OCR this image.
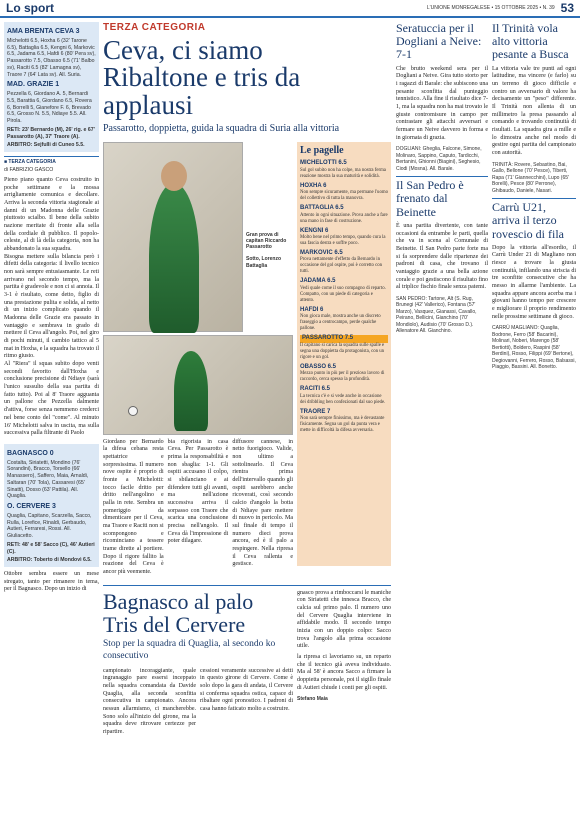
Lo sport	L'UNIONE MONREGALESE • 15 OTTOBRE 2025 • N. 39 53
AMA BRENTA CEVA 3
Michelotti 6.5, Hoxha 6 (32' Tarone 6.5), Battaglia 6.5, Kengni 6, Markovic 6.5, Jadama 6.5, Hafdi 6 (80' Pera sv), Passarotto 7.5, Obasso 6.5 (71' Balbo sv), Raciti 6.5 (82' Lamagna sv), Traore 7 (64' Lata sv). All. Suria.
MAD. GRAZIE 1
Pezzella 6, Giordano A. 5, Bernardi 5.5, Barattia 6, Giordano 6.5, Rovera 6, Borrelli 5, Gianefore F. 6, Brevado 6.5, Grosso N. 5.5, Ndiaye 5.5. All. Pirola.
RETI: 23' Bernardo (M), 26' rig. e 67' Passarotto (A), 37' Traore (A).
ARBITRO: Sejfulli di Cuneo 5.5.
■ TERZA CATEGORIA
di FABRIZIO GASCO

Pieno piano quanto Ceva costruito in poche settimane e la mossa arrigliamente comunica e decollare. Arriva la seconda vittoria stagionale ai danni di un Madonna delle Grazie piuttosto scialbo. Il bene della subito nazione meritate di fronte alla sella della cordiale di pubblico. Il popolo-celeste, al di là della categoria, non ha abbandonato la sua squadra.

Bisogna mettere sulla bilancia però i difetti della categoria: il livello tecnico non sarà sempre entusiasmante. Le reti arrivano nel secondo tempo, ma la partita è gradevole e non ci si annoia. Il 3-1 è risultato, come detto, figlio di una prestazione pulita e solida, al netto di un inizio complicato quando il Madonna delle Grazie era passato in vantaggio e sembrava in grado di mettere il Ceva all'angolo. Poi, nel giro di pochi minuti, il cambio tattico al 5 mat in Hoxha, e la squadra ha trovato il ritmo giusto.

Al "Riera" il squas subito dopo venti secondi favorito dall'Hoxha e conclusione precisione di Ndiaye (sarà l'unico sussulto della sua partita di fatto tutto). Poi al 8' Traore agguanta un pallone che Pezzella dalmente d'attiva, forse senza nemmeno crederci nel bene conto del "come". Al minuto 16' Michelotti salva in uscita, ma sulla successiva palla filtrante di Paolo

BAGNASCO 0
Costalta, Siriatetti, Mondino (76' Sorandini), Bracco, Torsello (66' Manassero), Saffero, Maia, Arnaldi, Saltaran (70' Tola), Cassaresi (65' Sinatti), Dosso (63' Pattila). All. Quaglia.
O. CERVERE 3
Quaglia, Capitano, Scarzella, Sacco, Rulla, Lorefice, Rinaldi, Gerbaudo, Autieri, Ferraresi, Rossi. All. Giuliacetto.
RETI: 48' e 58' Sacco (C), 46' Autieri (C).
ARBITRO: Toberto di Mondovì 6.5.

Ottobre sembra essere un mese stregato, tanto per rimanere in tema, per il Bagnasco. Dopo un inizio di

TERZA CATEGORIA
Ceva, ci siamo
Ribaltone e tris da applausi
Passarotto, doppietta, guida la squadra di Suria alla vittoria
Gran prova di capitan Riccardo Passarotto
Sotto, Lorenzo Battaglia

Giordano per Bernardo la difesa cebana resta spettatrice e sorpresissima. Il numero nove ospite è proprio di fronte a Michelotti: tocco facile dritto per dritto nell'angolino e palla in rete. Sembra un pomeriggio da dimenticare per il Ceva, ma Traore e Raciti non si scompongono e ricominciano a tessere trame dirette al portiere. Dopo il rigore fallito la reazione del Ceva è ancor più veemente.

bia rigorista in casa Ceva. Per Passarotto è prima la responsabilità e non sbaglia: 1-1. Gli ospiti accusano il colpo, si sbilanciano e ai difendere tutti gli avanti, ma nell'azione successiva arriva il sorpasso con Traore che scarica una conclusione precisa nell'angolo. Il Ceva dà l'impressione di poter dilagare.

diffusore cannese, in netto fuorigioco. Valide, non ultimo a sottolinearlo. Il Ceva rientra prima dell'intervallo quando gli ospiti sarebbero anche ricoverati, così secondo calcio d'angolo la botta di Ndiaye pare mettere di nuovo in pericolo. Ma sul finale di tempo il numero dieci prova ancora, ed è il palo a respingere. Nella ripresa il Ceva rallenta e gestisce.

Le pagelle
MICHELOTTI 6.5
Sul gol subito non ha colpe, ma nostra ferma reazione mostra la sua maturità e solidità.
HOXHA 6
Non sempre sicuramente, ma permane l'uomo del collettivo di tutta la manovra.
BATTAGLIA 6.5
Attento in ogni situazione. Prova anche a fare una mano in fase di costruzione.
KENGNI 6
Molto bene nel primo tempo, quando cura la sua fascia destra e soffre poco.
MARKOVIC 6.5
Prova nettamente d'effetto da Bernardo in occasione del gol ospite, poi è corretto con tutti.
JADAMA 6.5
Vedi quale come il suo compagno di reparto. Compatto, con un piede di categoria e attento.
HAFDI 6
Non gioca male, mostra anche un discreto fraseggio a centrocampo, perde qualche pallone.
PASSAROTTO 7.5
Il capitano si carica la squadra sulle spalle e segna una doppietta da protagonista, con un rigore e un gol.
OBASSO 6.5
Mezzo punto in più per il prezioso lavoro di raccordo, cerca spesso la profondità.
RACITI 6.5
La tecnica c'è e si vede anche in occasione dei dribbling ben confezionati dal suo piede.
TRAORE 7
Non sarà sempre finissimo, ma è devastante fisicamente. Segna un gol da punta vera e mette in difficoltà la difesa avversaria.
Bagnasco al palo
Tris del Cervere
Stop per la squadra di Quaglia, al secondo ko consecutivo

campionato incoraggiante, quale ingranaggio pare essersi inceppato nella squadra comandata da Davide Quaglia, alla seconda sconfitta consecutiva in campionato. Ancora nessun allarmismo, ci mancherebbe. Sono solo all'inizio del girone, ma la squadra deve ritrovare certezze per ripartire.

cessioni veramente successive ai detti in questo girone di Cervere. Come è solo dopo la gara di andata, il Cervere si conferma squadra ostica, capace di ribaltare ogni pronostico. I padroni di casa hanno faticato molto a costruire.

gnasco prova a rimboccarsi le maniche con Siriatetti che innesca Bracco, che calcia sul primo palo. Il numero uno del Cervere Quaglia interviene in affidabile modo. Il secondo tempo inizia con un doppio colpo: Sacco trova l'angolo alla prima occasione utile.

la ripresa ci lavoriamo su, un reparto che il tecnico già aveva individuato. Ma al 58' è ancora Sacco a firmare la doppietta personale, poi il sigillo finale di Autieri chiude i conti per gli ospiti.

Stefano Maia
Seratuccia per il Dogliani a Neive: 7-1

Che brutto weekend sera per il Dogliani a Neive. Gira tutto storto per i ragazzi di Barale: che subiscono una pesante sconfitta dal punteggio tennistico. Alla fine il risultato dice 7-1, ma la squadra non ha mai trovato le giuste contromisure in campo per contrastare gli attacchi avversari e fermare un Neive davvero in forma e in giornata di grazia.

DOGLIANI: Gheglia, Falcone, Simone, Molinaro, Sappino, Caputo, Tardicchi, Bertanini, Ghionni (Biagini), Seghesio, Ciodi (Mosna). All. Barale.

Il San Pedro è frenato dal Beinette

È una partita divertente, con tante occasioni da entrambe le parti, quella che va in scena al Comunale di Beinette. Il San Pedro parte forte ma si fa sorprendere dalle ripartenze dei padroni di casa, che trovano il vantaggio grazie a una bella azione corale e poi gestiscono il risultato fino al triplice fischio finale senza patemi.

SAN PEDRO: Tartone, Alt (S. Rug, Brunegi (42' Vallerico), Fontana (57' Marzo), Vasquez, Gianassi, Cavallo, Peirano, Bellicini, Gianchino (70' Mondiolo), Audisio (70' Grosso D.). Allenatore All. Gianchino.

Il Trinità vola alto vittoria pesante a Busca

La vittoria vale tre punti ad ogni latitudine, ma vincere (e farlo) su un terreno di gioco difficile e contro un avversario di valore ha decisamente un "peso" differente. Il Trinità non allenta di un millimetro la presa passando al comando e trovando continuità di risultati. La squadra gira a mille e lo dimostra anche nel modo di gestire ogni partita del campionato con autorità.

TRINITÀ: Rovere, Sebastino, Bai, Gallo, Bellone (70' Pesce), Tiberti, Rapa (71' Giannecchini), Lupo (65' Borelli), Pesce (80' Perrone), Ghibaudo, Daniele, Nasari.

Carrù U21, arriva il terzo rovescio di fila

Dopo la vittoria all'esordio, il Carrù Under 21 di Magliano non riesce a trovare la giusta continuità, infilando una striscia di tre sconfitte consecutive che ha messo in allarme l'ambiente. La squadra appare ancora acerba ma i giovani hanno tempo per crescere e migliorare il proprio rendimento nelle prossime settimane di gioco.

CARRÙ MAGLIANO: Quaglia, Bodrone, Ferro (58' Bacarini), Molinari, Noberi, Marengo (58' Bertiotti), Boldero, Raspini (58' Berdini), Rosso, Filippi (69' Bertone), Degiovanni, Ferrero, Rosso, Balsassi, Piaggio, Bassini. All. Bonetto.
